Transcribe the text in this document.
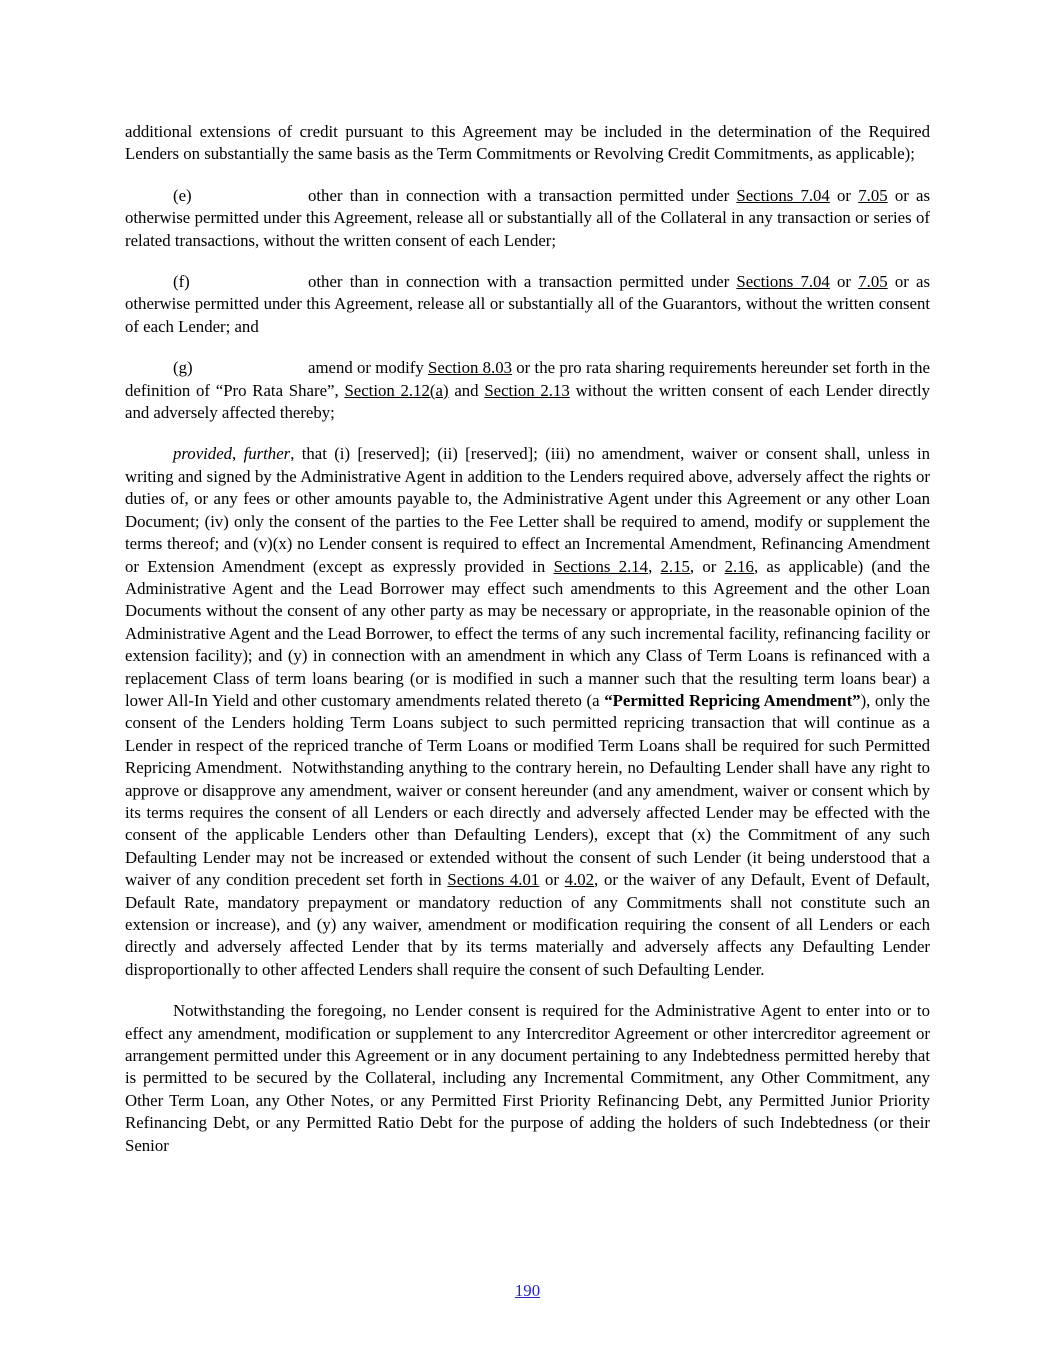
additional extensions of credit pursuant to this Agreement may be included in the determination of the Required Lenders on substantially the same basis as the Term Commitments or Revolving Credit Commitments, as applicable);

(e)	other than in connection with a transaction permitted under Sections 7.04 or 7.05 or as otherwise permitted under this Agreement, release all or substantially all of the Collateral in any transaction or series of related transactions, without the written consent of each Lender;

(f)	other than in connection with a transaction permitted under Sections 7.04 or 7.05 or as otherwise permitted under this Agreement, release all or substantially all of the Guarantors, without the written consent of each Lender; and

(g)	amend or modify Section 8.03 or the pro rata sharing requirements hereunder set forth in the definition of “Pro Rata Share”, Section 2.12(a) and Section 2.13 without the written consent of each Lender directly and adversely affected thereby;

provided, further, that (i) [reserved]; (ii) [reserved]; (iii) no amendment, waiver or consent shall, unless in writing and signed by the Administrative Agent in addition to the Lenders required above, adversely affect the rights or duties of, or any fees or other amounts payable to, the Administrative Agent under this Agreement or any other Loan Document; (iv) only the consent of the parties to the Fee Letter shall be required to amend, modify or supplement the terms thereof; and (v)(x) no Lender consent is required to effect an Incremental Amendment, Refinancing Amendment or Extension Amendment (except as expressly provided in Sections 2.14, 2.15, or 2.16, as applicable) (and the Administrative Agent and the Lead Borrower may effect such amendments to this Agreement and the other Loan Documents without the consent of any other party as may be necessary or appropriate, in the reasonable opinion of the Administrative Agent and the Lead Borrower, to effect the terms of any such incremental facility, refinancing facility or extension facility); and (y) in connection with an amendment in which any Class of Term Loans is refinanced with a replacement Class of term loans bearing (or is modified in such a manner such that the resulting term loans bear) a lower All-In Yield and other customary amendments related thereto (a “Permitted Repricing Amendment”), only the consent of the Lenders holding Term Loans subject to such permitted repricing transaction that will continue as a Lender in respect of the repriced tranche of Term Loans or modified Term Loans shall be required for such Permitted Repricing Amendment.  Notwithstanding anything to the contrary herein, no Defaulting Lender shall have any right to approve or disapprove any amendment, waiver or consent hereunder (and any amendment, waiver or consent which by its terms requires the consent of all Lenders or each directly and adversely affected Lender may be effected with the consent of the applicable Lenders other than Defaulting Lenders), except that (x) the Commitment of any such Defaulting Lender may not be increased or extended without the consent of such Lender (it being understood that a waiver of any condition precedent set forth in Sections 4.01 or 4.02, or the waiver of any Default, Event of Default, Default Rate, mandatory prepayment or mandatory reduction of any Commitments shall not constitute such an extension or increase), and (y) any waiver, amendment or modification requiring the consent of all Lenders or each directly and adversely affected Lender that by its terms materially and adversely affects any Defaulting Lender disproportionally to other affected Lenders shall require the consent of such Defaulting Lender.

Notwithstanding the foregoing, no Lender consent is required for the Administrative Agent to enter into or to effect any amendment, modification or supplement to any Intercreditor Agreement or other intercreditor agreement or arrangement permitted under this Agreement or in any document pertaining to any Indebtedness permitted hereby that is permitted to be secured by the Collateral, including any Incremental Commitment, any Other Commitment, any Other Term Loan, any Other Notes, or any Permitted First Priority Refinancing Debt, any Permitted Junior Priority Refinancing Debt, or any Permitted Ratio Debt for the purpose of adding the holders of such Indebtedness (or their Senior

190
